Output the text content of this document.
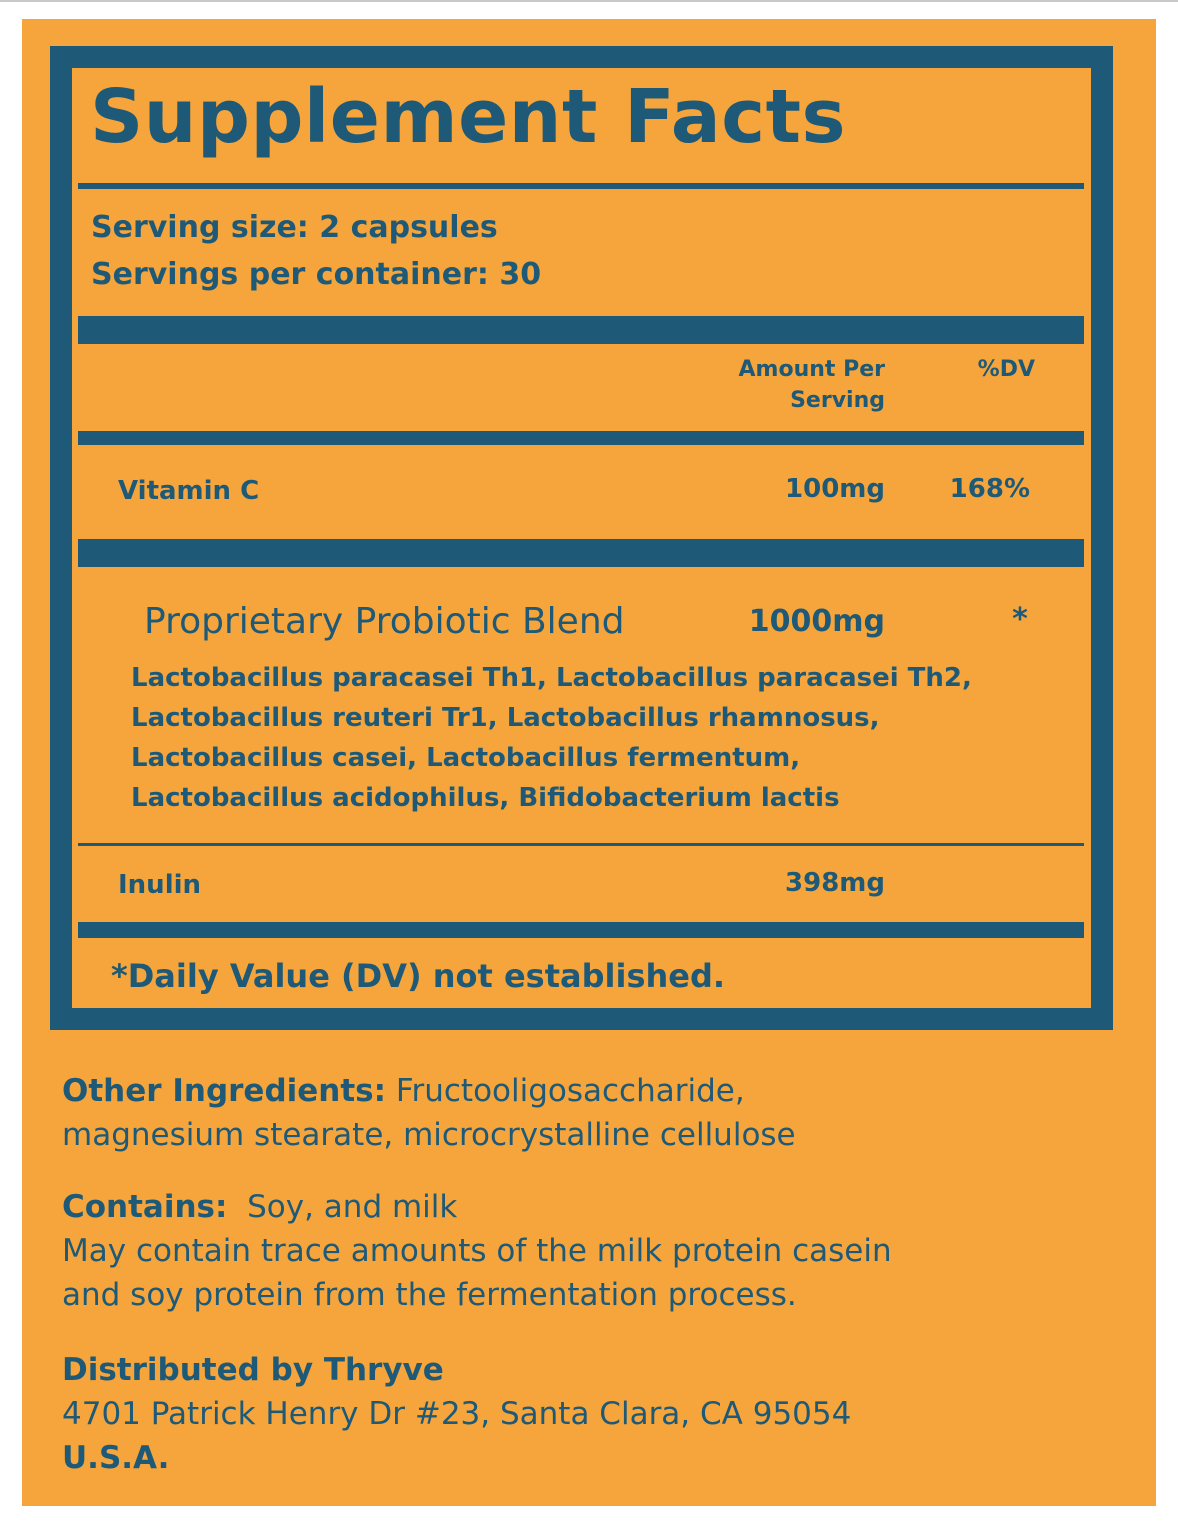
Supplement Facts
Serving size: 2 capsules
Servings per container: 30
Amount Per
Serving
%DV
Vitamin C	100mg	168%
Proprietary Probiotic Blend	1000mg	*
Lactobacillus paracasei Th1, Lactobacillus paracasei Th2,
Lactobacillus reuteri Tr1, Lactobacillus rhamnosus,
Lactobacillus casei, Lactobacillus fermentum,
Lactobacillus acidophilus, Bifidobacterium lactis
Inulin	398mg
*Daily Value (DV) not established.
Other Ingredients: Fructooligosaccharide,
magnesium stearate, microcrystalline cellulose
Contains:  Soy, and milk
May contain trace amounts of the milk protein casein
and soy protein from the fermentation process.
Distributed by Thryve
4701 Patrick Henry Dr #23, Santa Clara, CA 95054
U.S.A.
